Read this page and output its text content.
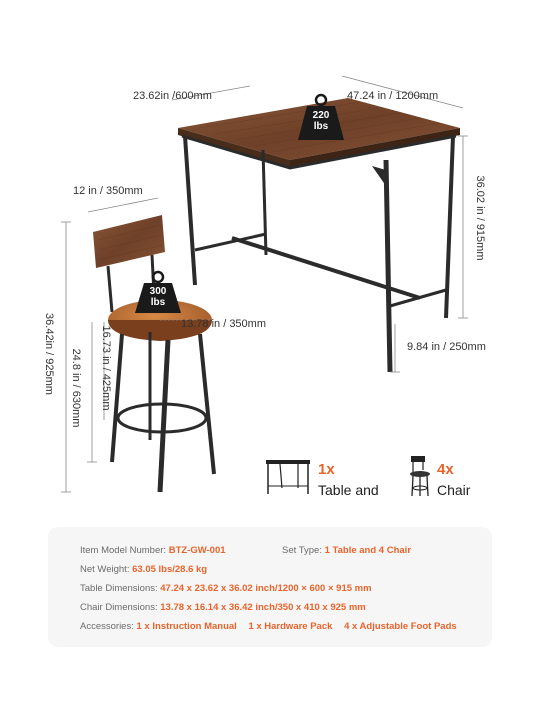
220
lbs
300
lbs
23.62in /600mm	47.24 in / 1200mm
36.02 in / 915mm
9.84 in / 250mm
12 in / 350mm
36.42in / 925mm 24.8 in / 630mm 16.73 in / 425mm
13.78 in / 350mm
1x
Table and
4x
Chair
Item Model Number: BTZ-GW-001	Set Type: 1 Table and 4 Chair
Net Weight: 63.05 lbs/28.6 kg
Table Dimensions: 47.24 x 23.62 x 36.02 inch/1200 × 600 × 915 mm
Chair Dimensions: 13.78 x 16.14 x 36.42 inch/350 x 410 x 925 mm
Accessories: 1 x Instruction Manual 1 x Hardware Pack 4 x Adjustable Foot Pads
